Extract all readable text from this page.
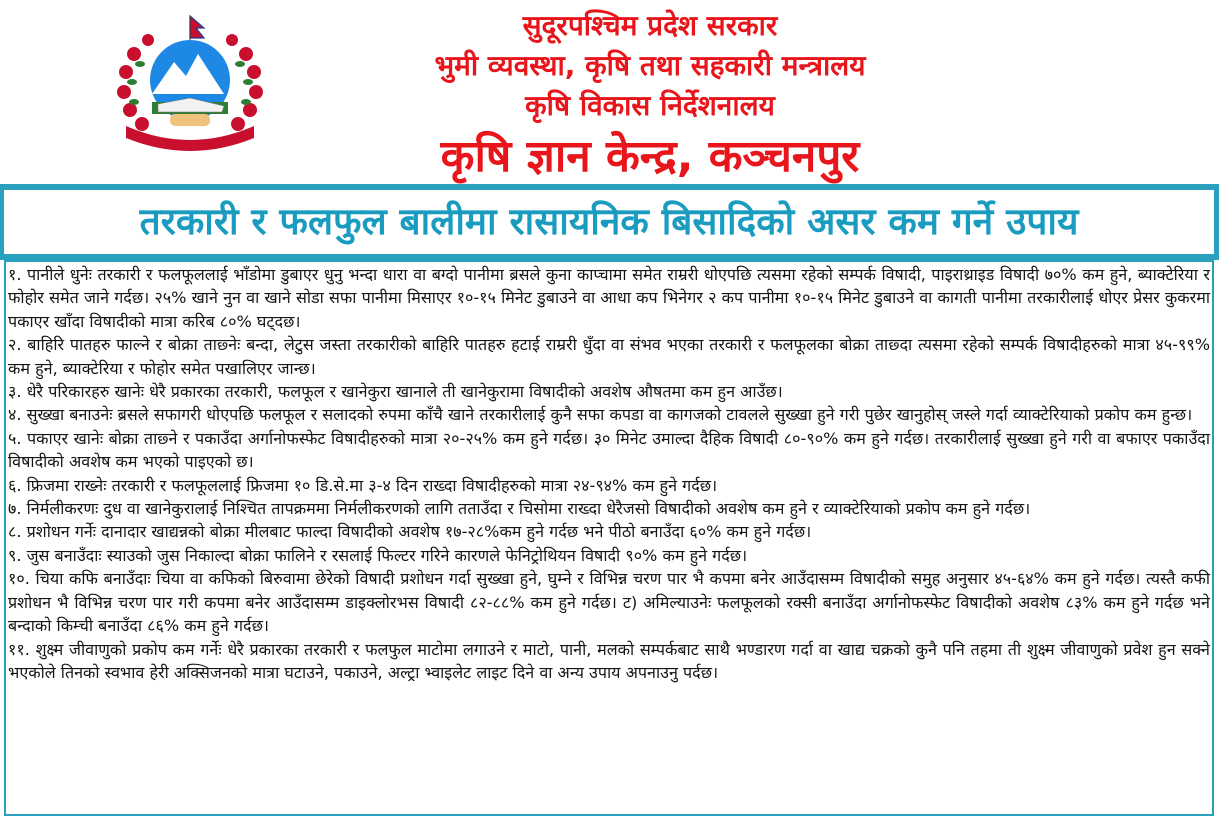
सुदूरपश्चिम प्रदेश सरकार
भुमी व्यवस्था, कृषि तथा सहकारी मन्त्रालय
कृषि विकास निर्देशनालय
कृषि ज्ञान केन्द्र, कञ्चनपुर
तरकारी र फलफुल बालीमा रासायनिक बिसादिको असर कम गर्ने उपाय
१. पानीले धुनेः तरकारी र फलफूललाई भाँडोमा डुबाएर धुनु भन्दा धारा वा बग्दो पानीमा ब्रसले कुना काप्चामा समेत राम्ररी धोएपछि त्यसमा रहेको सम्पर्क विषादी, पाइराथ्राइड विषादी ७०% कम हुने, ब्याक्टेरिया र फोहोर समेत जाने गर्दछ। २५% खाने नुन वा खाने सोडा सफा पानीमा मिसाएर १०-१५ मिनेट डुबाउने वा आधा कप भिनेगर २ कप पानीमा १०-१५ मिनेट डुबाउने वा कागती पानीमा तरकारीलाई धोएर प्रेसर कुकरमा पकाएर खाँदा विषादीको मात्रा करिब ८०% घट्दछ।
२. बाहिरि पातहरु फाल्ने र बोक्रा ताछ्नेः बन्दा, लेटुस जस्ता तरकारीको बाहिरि पातहरु हटाई राम्ररी धुँदा वा संभव भएका तरकारी र फलफूलका बोक्रा ताछ्दा त्यसमा रहेको सम्पर्क विषादीहरुको मात्रा ४५-९९% कम हुने, ब्याक्टेरिया र फोहोर समेत पखालिएर जान्छ।
३. धेरै परिकारहरु खानेः धेरै प्रकारका तरकारी, फलफूल र खानेकुरा खानाले ती खानेकुरामा विषादीको अवशेष औषतमा कम हुन आउँछ।
४. सुख्खा बनाउनेः ब्रसले सफागरी धोएपछि फलफूल र सलादको रुपमा काँचै खाने तरकारीलाई कुनै सफा कपडा वा कागजको टावलले सुख्खा हुने गरी पुछेर खानुहोस् जस्ले गर्दा व्याक्टेरियाको प्रकोप कम हुन्छ।
५. पकाएर खानेः बोक्रा ताछ्ने र पकाउँदा अर्गानोफस्फेट विषादीहरुको मात्रा २०-२५% कम हुने गर्दछ। ३० मिनेट उमाल्दा दैहिक विषादी ८०-९०% कम हुने गर्दछ। तरकारीलाई सुख्खा हुने गरी वा बफाएर पकाउँदा विषादीको अवशेष कम भएको पाइएको छ।
६. फ्रिजमा राख्नेः तरकारी र फलफूललाई फ्रिजमा १० डि.से.मा ३-४ दिन राख्दा विषादीहरुको मात्रा २४-९४% कम हुने गर्दछ।
७. निर्मलीकरणः दुध वा खानेकुरालाई निश्चित तापक्रममा निर्मलीकरणको लागि तताउँदा र चिसोमा राख्दा धेरैजसो विषादीको अवशेष कम हुने र व्याक्टेरियाको प्रकोप कम हुने गर्दछ।
८. प्रशोधन गर्नेः दानादार खाद्यन्नको बोक्रा मीलबाट फाल्दा विषादीको अवशेष १७-२८%कम हुने गर्दछ भने पीठो बनाउँदा ६०% कम हुने गर्दछ।
९. जुस बनाउँदाः स्याउको जुस निकाल्दा बोक्रा फालिने र रसलाई फिल्टर गरिने कारणले फेनिट्रोथियन विषादी ९०% कम हुने गर्दछ।
१०. चिया कफि बनाउँदाः चिया वा कफिको बिरुवामा छेरेको विषादी प्रशोधन गर्दा सुख्खा हुने, घुम्ने र विभिन्न चरण पार भै कपमा बनेर आउँदासम्म विषादीको समुह अनुसार ४५-६४% कम हुने गर्दछ। त्यस्तै कफी प्रशोधन भै विभिन्न चरण पार गरी कपमा बनेर आउँदासम्म डाइक्लोरभस विषादी ८२-८८% कम हुने गर्दछ। ट) अमिल्याउनेः फलफूलको रक्सी बनाउँदा अर्गानोफस्फेट विषादीको अवशेष ८३% कम हुने गर्दछ भने बन्दाको किम्ची बनाउँदा ८६% कम हुने गर्दछ।
११. शुक्ष्म जीवाणुको प्रकोप कम गर्नेः धेरै प्रकारका तरकारी र फलफुल माटोमा लगाउने र माटो, पानी, मलको सम्पर्कबाट साथै भण्डारण गर्दा वा खाद्य चक्रको कुनै पनि तहमा ती शुक्ष्म जीवाणुको प्रवेश हुन सक्ने भएकोले तिनको स्वभाव हेरी अक्सिजनको मात्रा घटाउने, पकाउने, अल्ट्रा भ्वाइलेट लाइट दिने वा अन्य उपाय अपनाउनु पर्दछ।
